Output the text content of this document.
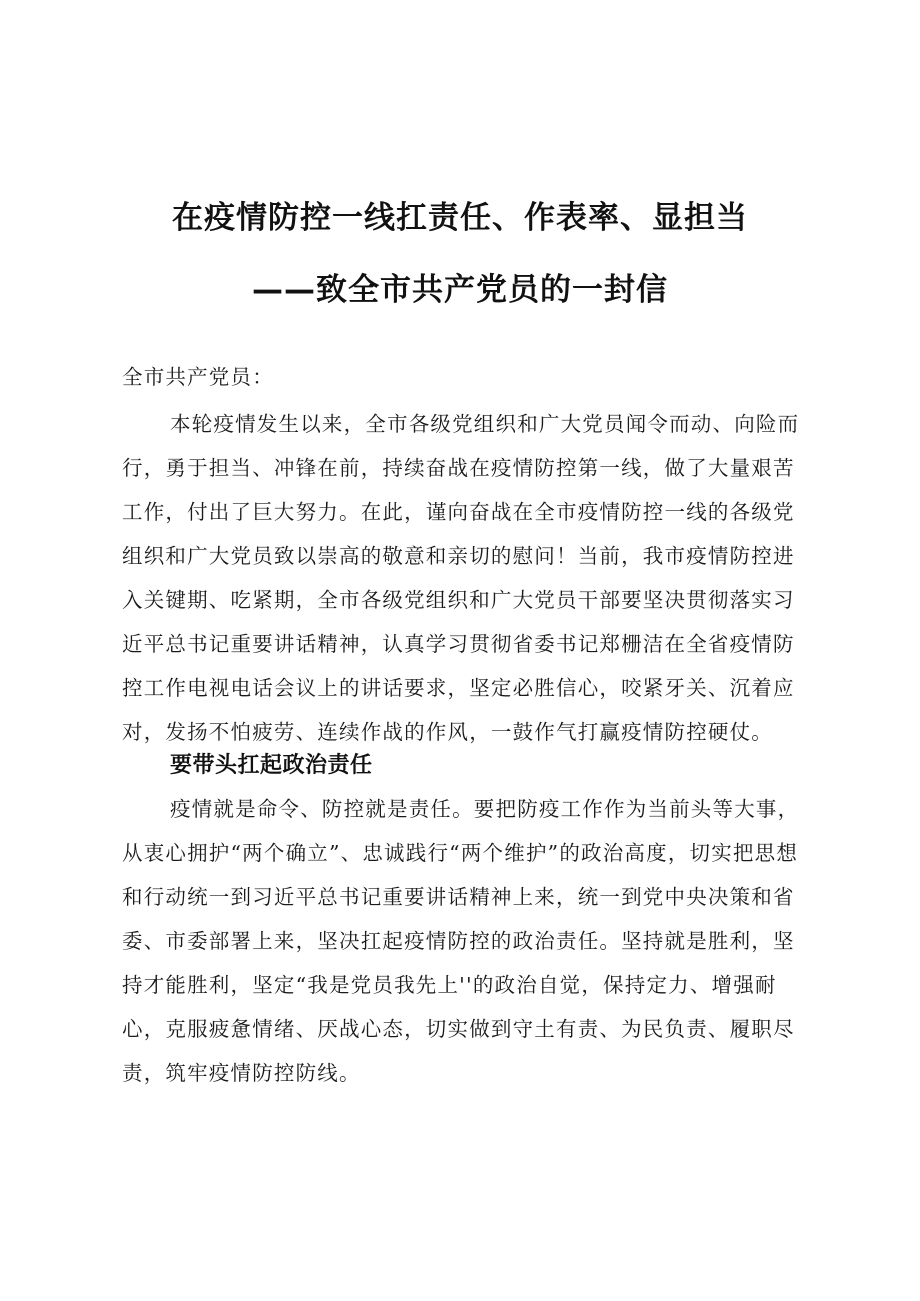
在疫情防控一线扛责任、作表率、显担当
——致全市共产党员的一封信
全市共产党员：
本轮疫情发生以来，全市各级党组织和广大党员闻令而动、向险而行，勇于担当、冲锋在前，持续奋战在疫情防控第一线，做了大量艰苦工作，付出了巨大努力。在此，谨向奋战在全市疫情防控一线的各级党组织和广大党员致以崇高的敬意和亲切的慰问！当前，我市疫情防控进入关键期、吃紧期，全市各级党组织和广大党员干部要坚决贯彻落实习近平总书记重要讲话精神，认真学习贯彻省委书记郑栅洁在全省疫情防控工作电视电话会议上的讲话要求，坚定必胜信心，咬紧牙关、沉着应对，发扬不怕疲劳、连续作战的作风，一鼓作气打赢疫情防控硬仗。
要带头扛起政治责任
疫情就是命令、防控就是责任。要把防疫工作作为当前头等大事，从衷心拥护“两个确立”、忠诚践行“两个维护”的政治高度，切实把思想和行动统一到习近平总书记重要讲话精神上来，统一到党中央决策和省委、市委部署上来，坚决扛起疫情防控的政治责任。坚持就是胜利，坚持才能胜利，坚定“我是党员我先上''的政治自觉，保持定力、增强耐心，克服疲惫情绪、厌战心态，切实做到守土有责、为民负责、履职尽责，筑牢疫情防控防线。
